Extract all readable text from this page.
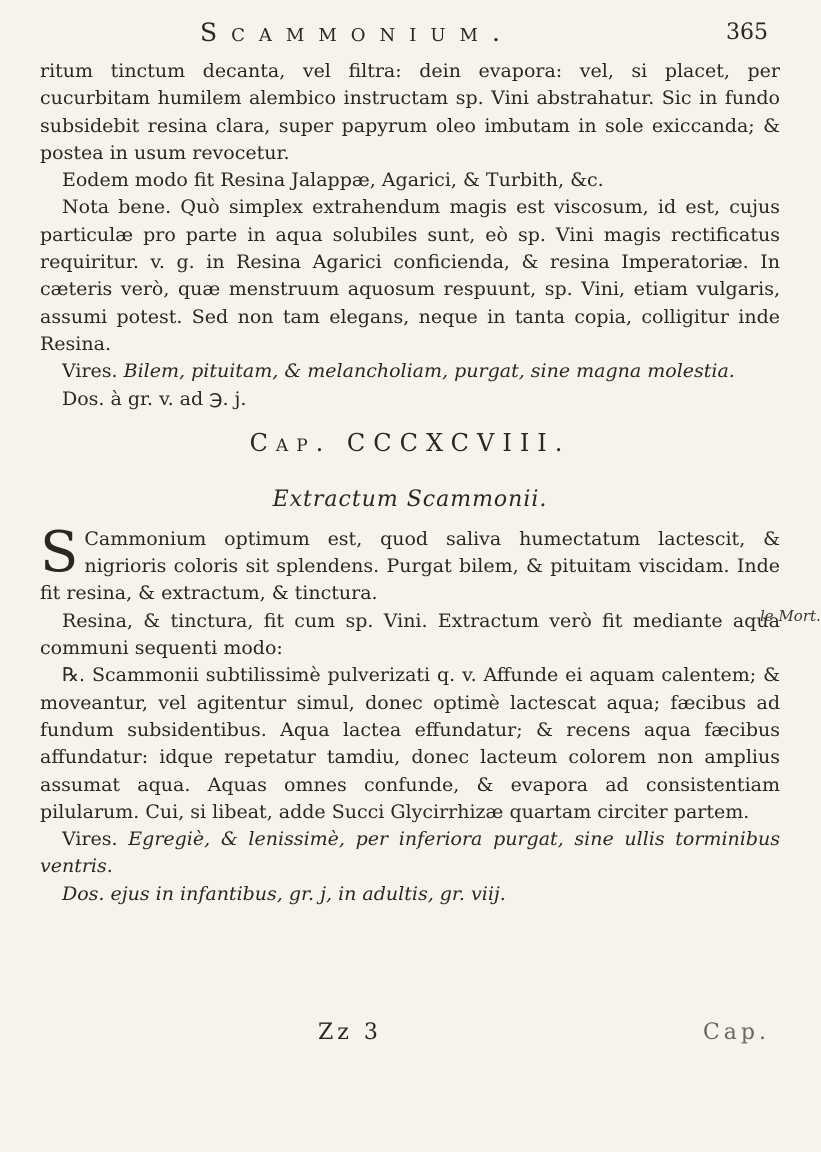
Scammonium.	365

ritum tinctum decanta, vel filtra: dein evapora: vel, si placet, per cucurbitam humilem alembico instructam sp. Vini abstrahatur. Sic in fundo subsidebit resina clara, super papyrum oleo imbutam in sole exiccanda; & postea in usum revocetur.

Eodem modo fit Resina Jalappæ, Agarici, & Turbith, &c.

Nota bene. Quò simplex extrahendum magis est viscosum, id est, cujus particulæ pro parte in aqua solubiles sunt, eò sp. Vini magis rectificatus requiritur. v. g. in Resina Agarici conficienda, & resina Imperatoriæ. In cæteris verò, quæ menstruum aquosum respuunt, sp. Vini, etiam vulgaris, assumi potest. Sed non tam elegans, neque in tanta copia, colligitur inde Resina.

Vires. Bilem, pituitam, & melancholiam, purgat, sine magna molestia.

Dos. à gr. v. ad ℈. j.

Cap. CCCXCVIII.
Extractum Scammonii.

S Cammonium optimum est, quod saliva humectatum lactescit, & nigrioris coloris sit splendens. Purgat bilem, & pituitam viscidam. Inde fit resina, & extractum, & tinctura.

Resina, & tinctura, fit cum sp. Vini. Extractum verò fit mediante aqua communi sequenti modo:

℞. Scammonii subtilissimè pulverizati q. v. Affunde ei aquam calentem; & moveantur, vel agitentur simul, donec optimè lactescat aqua; fæcibus ad fundum subsidentibus. Aqua lactea effundatur; & recens aqua fæcibus affundatur: idque repetatur tamdiu, donec lacteum colorem non amplius assumat aqua. Aquas omnes confunde, & evapora ad consistentiam pilularum. Cui, si libeat, adde Succi Glycirrhizæ quartam circiter partem.

Vires. Egregiè, & lenissimè, per inferiora purgat, sine ullis torminibus ventris.

Dos. ejus in infantibus, gr. j, in adultis, gr. viij.

Zz 3	Cap.
le Mort.
